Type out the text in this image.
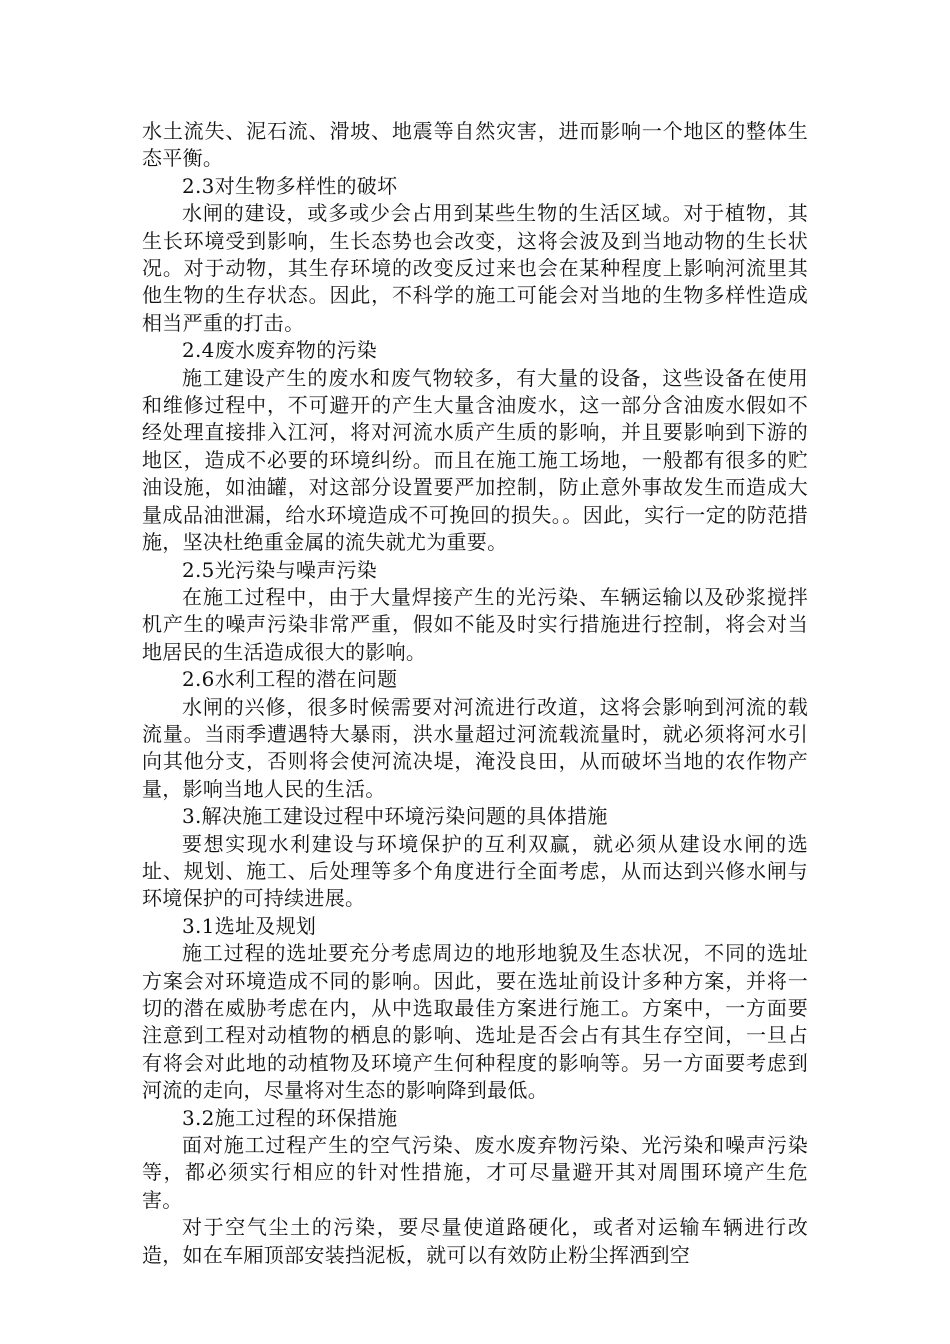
水土流失、泥石流、滑坡、地震等自然灾害，进而影响一个地区的整体生态平衡。

2.3对生物多样性的破坏

水闸的建设，或多或少会占用到某些生物的生活区域。对于植物，其生长环境受到影响，生长态势也会改变，这将会波及到当地动物的生长状况。对于动物，其生存环境的改变反过来也会在某种程度上影响河流里其他生物的生存状态。因此，不科学的施工可能会对当地的生物多样性造成相当严重的打击。

2.4废水废弃物的污染

施工建设产生的废水和废气物较多，有大量的设备，这些设备在使用和维修过程中，不可避开的产生大量含油废水，这一部分含油废水假如不经处理直接排入江河，将对河流水质产生质的影响，并且要影响到下游的地区，造成不必要的环境纠纷。而且在施工施工场地，一般都有很多的贮油设施，如油罐，对这部分设置要严加控制，防止意外事故发生而造成大量成品油泄漏，给水环境造成不可挽回的损失。。因此，实行一定的防范措施，坚决杜绝重金属的流失就尤为重要。

2.5光污染与噪声污染

在施工过程中，由于大量焊接产生的光污染、车辆运输以及砂浆搅拌机产生的噪声污染非常严重，假如不能及时实行措施进行控制，将会对当地居民的生活造成很大的影响。

2.6水利工程的潜在问题

水闸的兴修，很多时候需要对河流进行改道，这将会影响到河流的载流量。当雨季遭遇特大暴雨，洪水量超过河流载流量时，就必须将河水引向其他分支，否则将会使河流决堤，淹没良田，从而破坏当地的农作物产量，影响当地人民的生活。

3.解决施工建设过程中环境污染问题的具体措施

要想实现水利建设与环境保护的互利双赢，就必须从建设水闸的选址、规划、施工、后处理等多个角度进行全面考虑，从而达到兴修水闸与环境保护的可持续进展。

3.1选址及规划

施工过程的选址要充分考虑周边的地形地貌及生态状况，不同的选址方案会对环境造成不同的影响。因此，要在选址前设计多种方案，并将一切的潜在威胁考虑在内，从中选取最佳方案进行施工。方案中，一方面要注意到工程对动植物的栖息的影响、选址是否会占有其生存空间，一旦占有将会对此地的动植物及环境产生何种程度的影响等。另一方面要考虑到河流的走向，尽量将对生态的影响降到最低。

3.2施工过程的环保措施

面对施工过程产生的空气污染、废水废弃物污染、光污染和噪声污染等，都必须实行相应的针对性措施，才可尽量避开其对周围环境产生危害。

对于空气尘土的污染，要尽量使道路硬化，或者对运输车辆进行改造，如在车厢顶部安装挡泥板，就可以有效防止粉尘挥洒到空
